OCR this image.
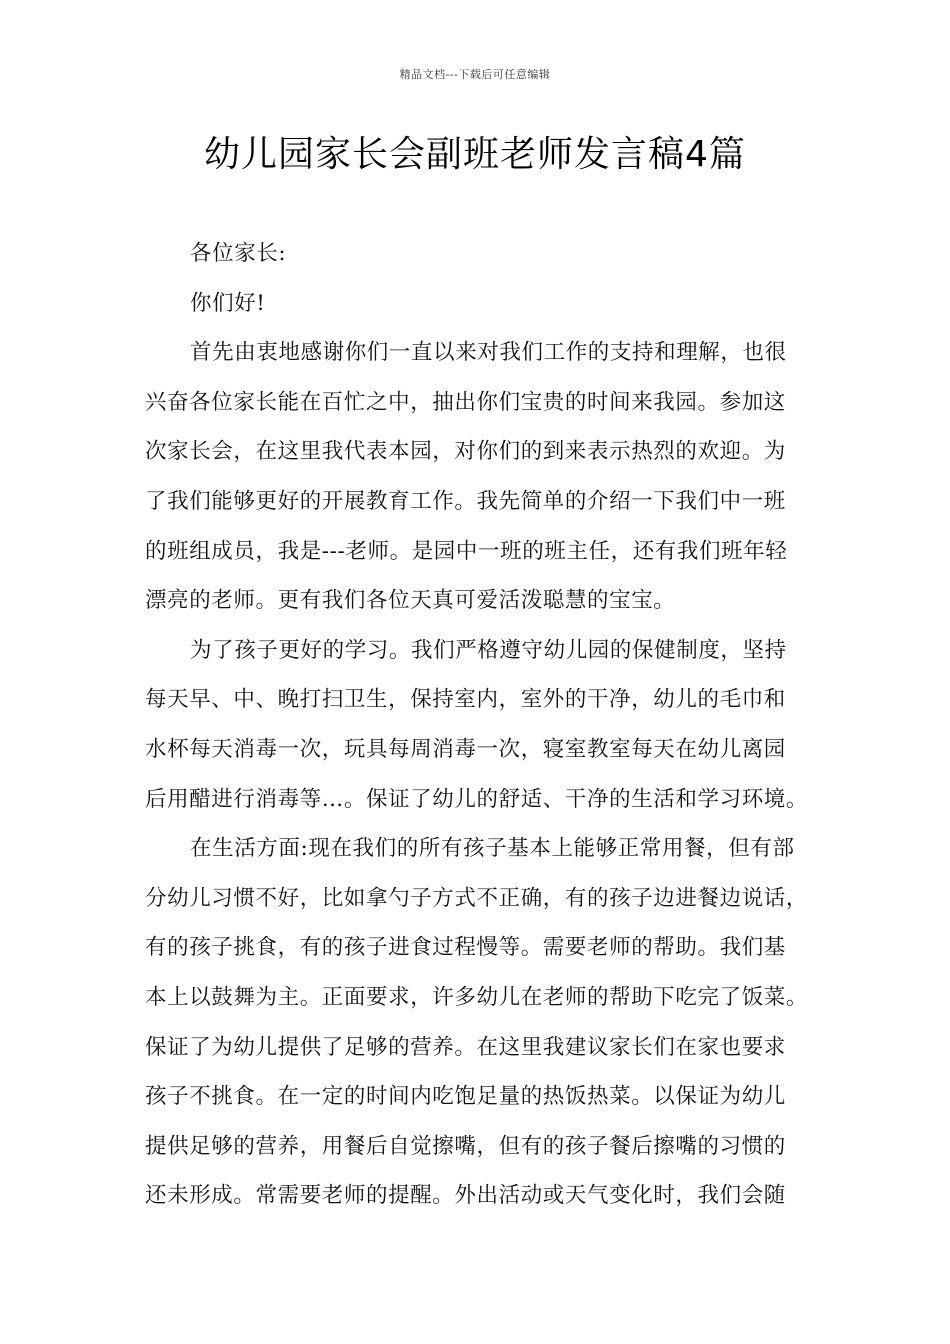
精品文档---下载后可任意编辑
幼儿园家长会副班老师发言稿4篇
各位家长:
你们好!
首先由衷地感谢你们一直以来对我们工作的支持和理解，也很
兴奋各位家长能在百忙之中，抽出你们宝贵的时间来我园。参加这
次家长会，在这里我代表本园，对你们的到来表示热烈的欢迎。为
了我们能够更好的开展教育工作。我先简单的介绍一下我们中一班
的班组成员，我是---老师。是园中一班的班主任，还有我们班年轻
漂亮的老师。更有我们各位天真可爱活泼聪慧的宝宝。
为了孩子更好的学习。我们严格遵守幼儿园的保健制度，坚持
每天早、中、晚打扫卫生，保持室内，室外的干净，幼儿的毛巾和
水杯每天消毒一次，玩具每周消毒一次，寝室教室每天在幼儿离园
后用醋进行消毒等…。保证了幼儿的舒适、干净的生活和学习环境。
在生活方面:现在我们的所有孩子基本上能够正常用餐，但有部
分幼儿习惯不好，比如拿勺子方式不正确，有的孩子边进餐边说话，
有的孩子挑食，有的孩子进食过程慢等。需要老师的帮助。我们基
本上以鼓舞为主。正面要求，许多幼儿在老师的帮助下吃完了饭菜。
保证了为幼儿提供了足够的营养。在这里我建议家长们在家也要求
孩子不挑食。在一定的时间内吃饱足量的热饭热菜。以保证为幼儿
提供足够的营养，用餐后自觉擦嘴，但有的孩子餐后擦嘴的习惯的
还未形成。常需要老师的提醒。外出活动或天气变化时，我们会随
